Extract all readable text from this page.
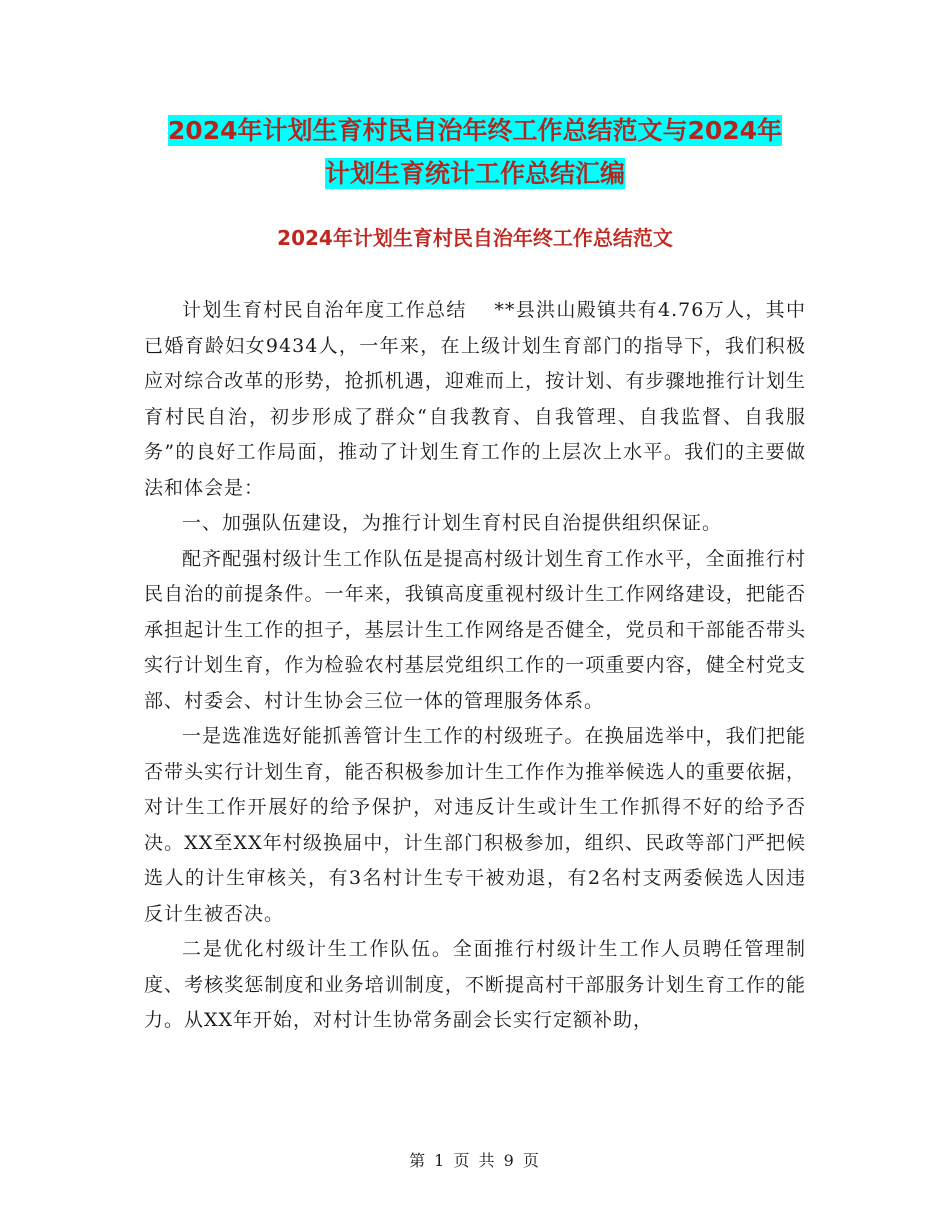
2024年计划生育村民自治年终工作总结范文与2024年
计划生育统计工作总结汇编
2024年计划生育村民自治年终工作总结范文

计划生育村民自治年度工作总结　 **县洪山殿镇共有4.76万人，其中已婚育龄妇女9434人，一年来，在上级计划生育部门的指导下，我们积极应对综合改革的形势，抢抓机遇，迎难而上，按计划、有步骤地推行计划生育村民自治，初步形成了群众“自我教育、自我管理、自我监督、自我服务”的良好工作局面，推动了计划生育工作的上层次上水平。我们的主要做法和体会是：

一、加强队伍建设，为推行计划生育村民自治提供组织保证。

配齐配强村级计生工作队伍是提高村级计划生育工作水平，全面推行村民自治的前提条件。一年来，我镇高度重视村级计生工作网络建设，把能否承担起计生工作的担子，基层计生工作网络是否健全，党员和干部能否带头实行计划生育，作为检验农村基层党组织工作的一项重要内容，健全村党支部、村委会、村计生协会三位一体的管理服务体系。

一是选准选好能抓善管计生工作的村级班子。在换届选举中，我们把能否带头实行计划生育，能否积极参加计生工作作为推举候选人的重要依据，对计生工作开展好的给予保护，对违反计生或计生工作抓得不好的给予否决。XX至XX年村级换届中，计生部门积极参加，组织、民政等部门严把候选人的计生审核关，有3名村计生专干被劝退，有2名村支两委候选人因违反计生被否决。

二是优化村级计生工作队伍。全面推行村级计生工作人员聘任管理制度、考核奖惩制度和业务培训制度，不断提高村干部服务计划生育工作的能力。从XX年开始，对村计生协常务副会长实行定额补助，

第 1 页 共 9 页
